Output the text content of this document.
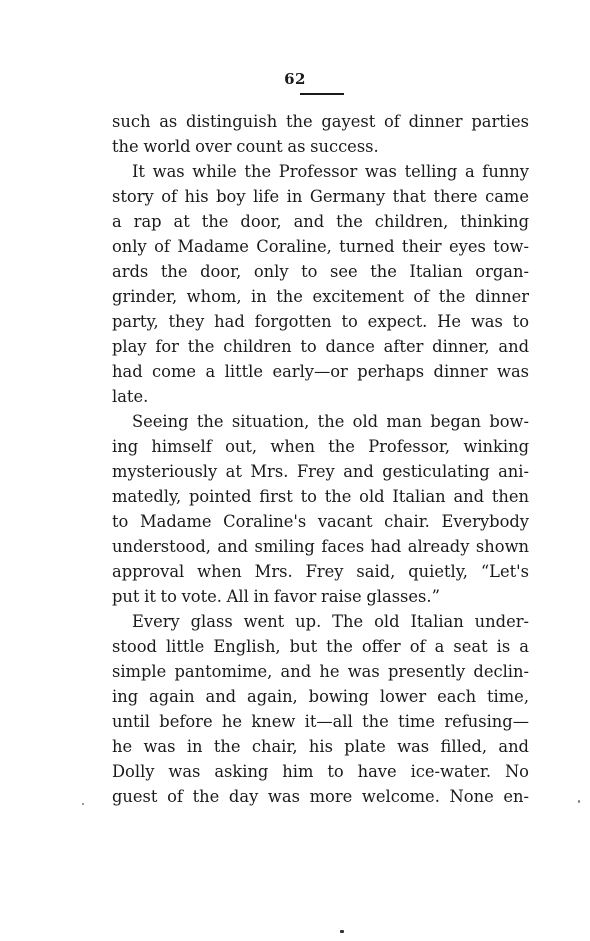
62
such as distinguish the gayest of dinner parties
the world over count as success.
It was while the Professor was telling a funny
story of his boy life in Germany that there came
a rap at the door, and the children, thinking
only of Madame Coraline, turned their eyes tow-
ards the door, only to see the Italian organ-
grinder, whom, in the excitement of the dinner
party, they had forgotten to expect. He was to
play for the children to dance after dinner, and
had come a little early—or perhaps dinner was
late.
Seeing the situation, the old man began bow-
ing himself out, when the Professor, winking
mysteriously at Mrs. Frey and gesticulating ani-
matedly, pointed first to the old Italian and then
to Madame Coraline's vacant chair. Everybody
understood, and smiling faces had already shown
approval when Mrs. Frey said, quietly, “Let's
put it to vote. All in favor raise glasses.”
Every glass went up. The old Italian under-
stood little English, but the offer of a seat is a
simple pantomime, and he was presently declin-
ing again and again, bowing lower each time,
until before he knew it—all the time refusing—
he was in the chair, his plate was filled, and
Dolly was asking him to have ice-water. No
guest of the day was more welcome. None en-
